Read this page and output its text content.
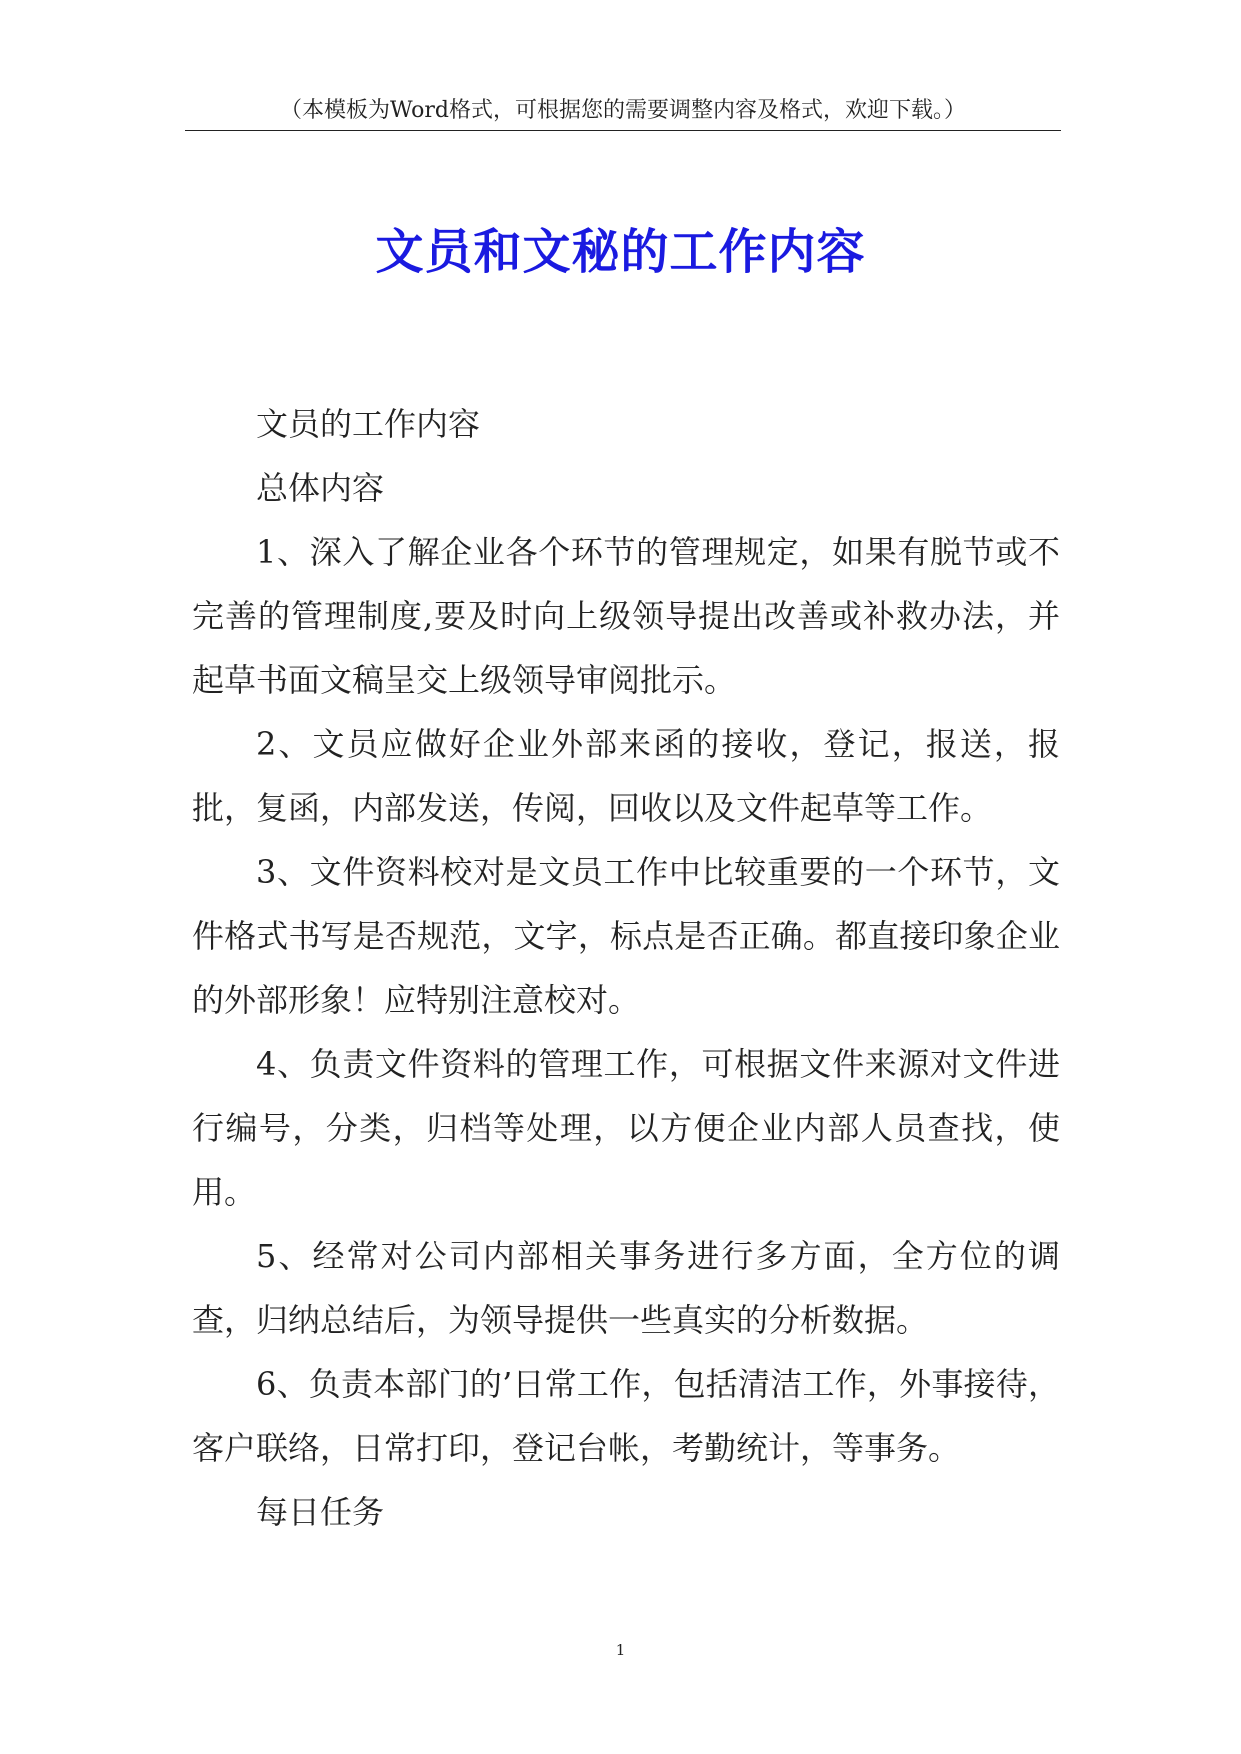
（本模板为Word格式，可根据您的需要调整内容及格式，欢迎下载。）
文员和文秘的工作内容

文员的工作内容

总体内容

1、深入了解企业各个环节的管理规定，如果有脱节或不完善的管理制度,要及时向上级领导提出改善或补救办法，并起草书面文稿呈交上级领导审阅批示。

2、文员应做好企业外部来函的接收，登记，报送，报批，复函，内部发送，传阅，回收以及文件起草等工作。

3、文件资料校对是文员工作中比较重要的一个环节，文件格式书写是否规范，文字，标点是否正确。都直接印象企业的外部形象！应特别注意校对。

4、负责文件资料的管理工作，可根据文件来源对文件进行编号，分类，归档等处理，以方便企业内部人员查找，使用。

5、经常对公司内部相关事务进行多方面，全方位的调查，归纳总结后，为领导提供一些真实的分析数据。

6、负责本部门的’日常工作，包括清洁工作，外事接待，客户联络，日常打印，登记台帐，考勤统计，等事务。

每日任务

1
